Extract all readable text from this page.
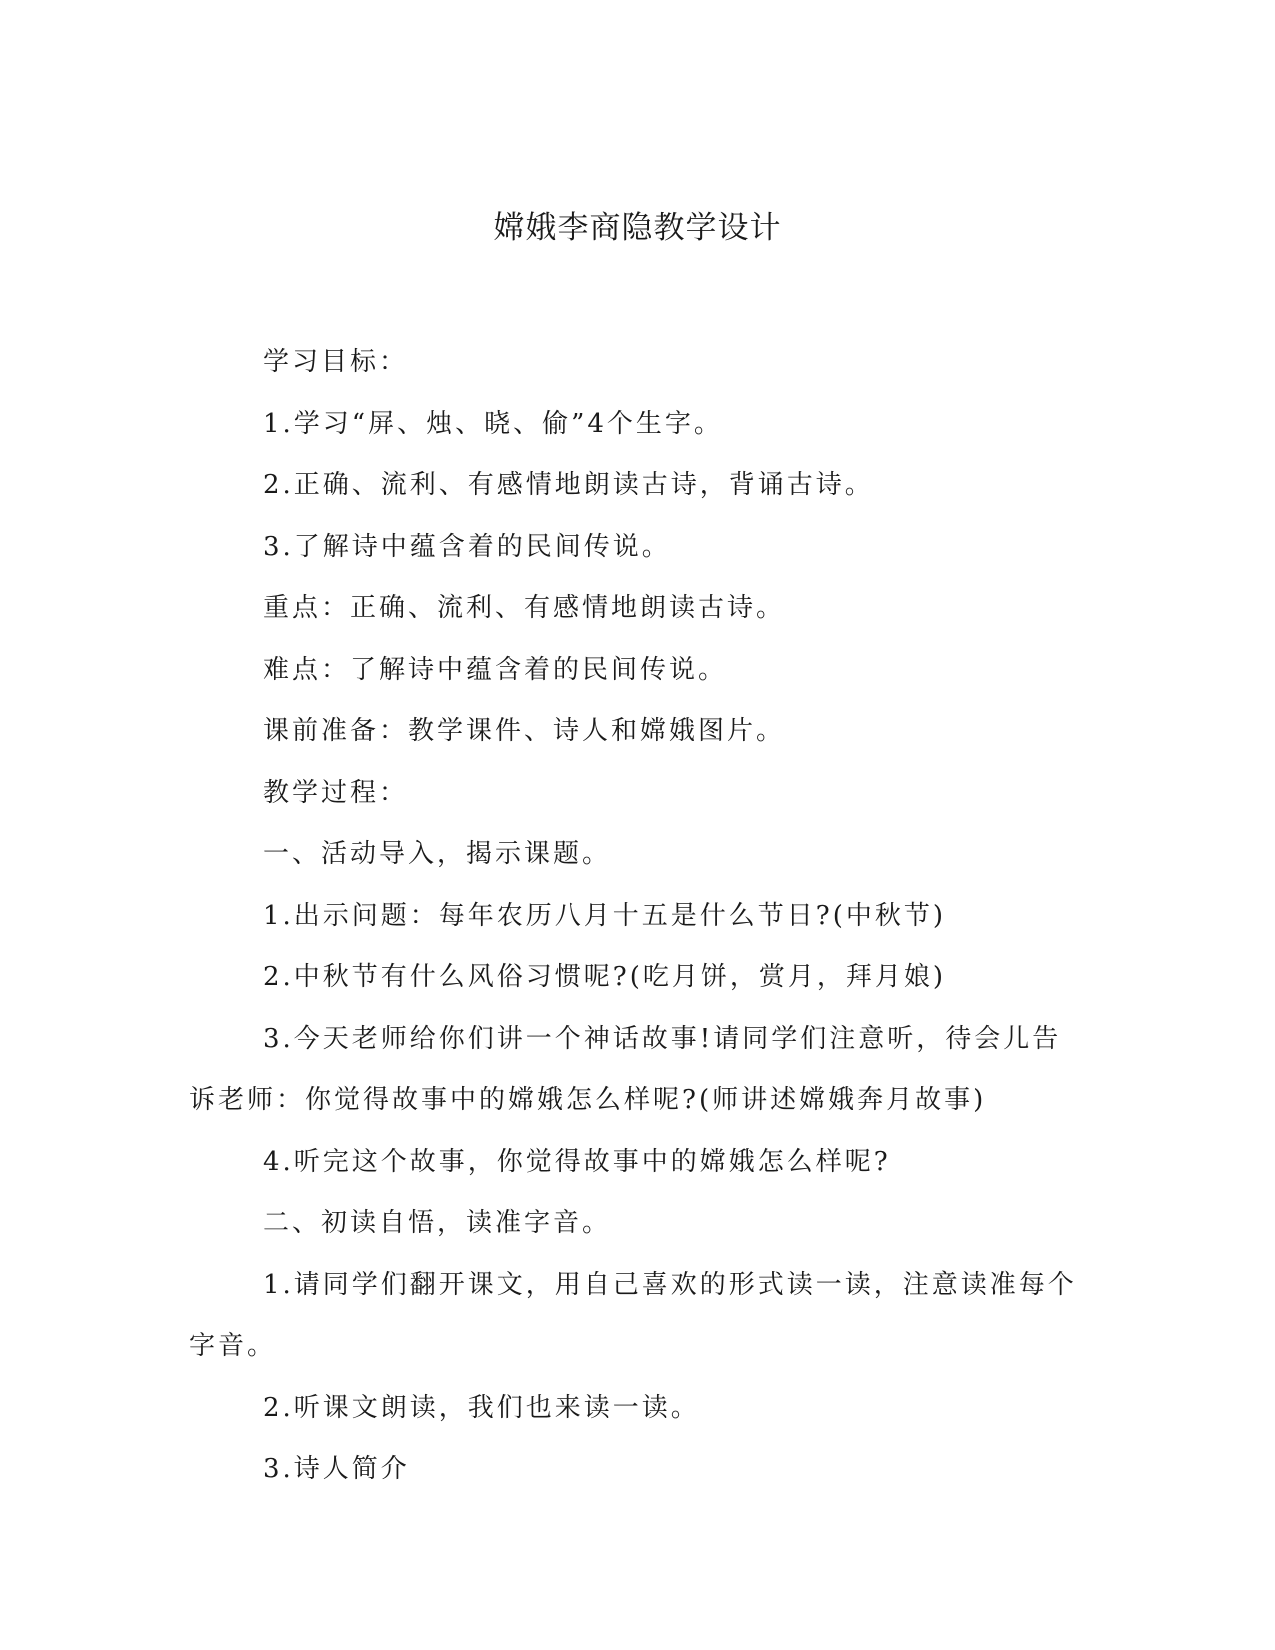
嫦娥李商隐教学设计

学习目标：

1.学习“屏、烛、晓、偷”4个生字。

2.正确、流利、有感情地朗读古诗，背诵古诗。

3.了解诗中蕴含着的民间传说。

重点：正确、流利、有感情地朗读古诗。

难点：了解诗中蕴含着的民间传说。

课前准备：教学课件、诗人和嫦娥图片。

教学过程：

一、活动导入，揭示课题。

1.出示问题：每年农历八月十五是什么节日?(中秋节)

2.中秋节有什么风俗习惯呢?(吃月饼，赏月，拜月娘)

3.今天老师给你们讲一个神话故事!请同学们注意听，待会儿告诉老师：你觉得故事中的嫦娥怎么样呢?(师讲述嫦娥奔月故事)

4.听完这个故事，你觉得故事中的嫦娥怎么样呢?

二、初读自悟，读准字音。

1.请同学们翻开课文，用自己喜欢的形式读一读，注意读准每个字音。

2.听课文朗读，我们也来读一读。

3.诗人简介
